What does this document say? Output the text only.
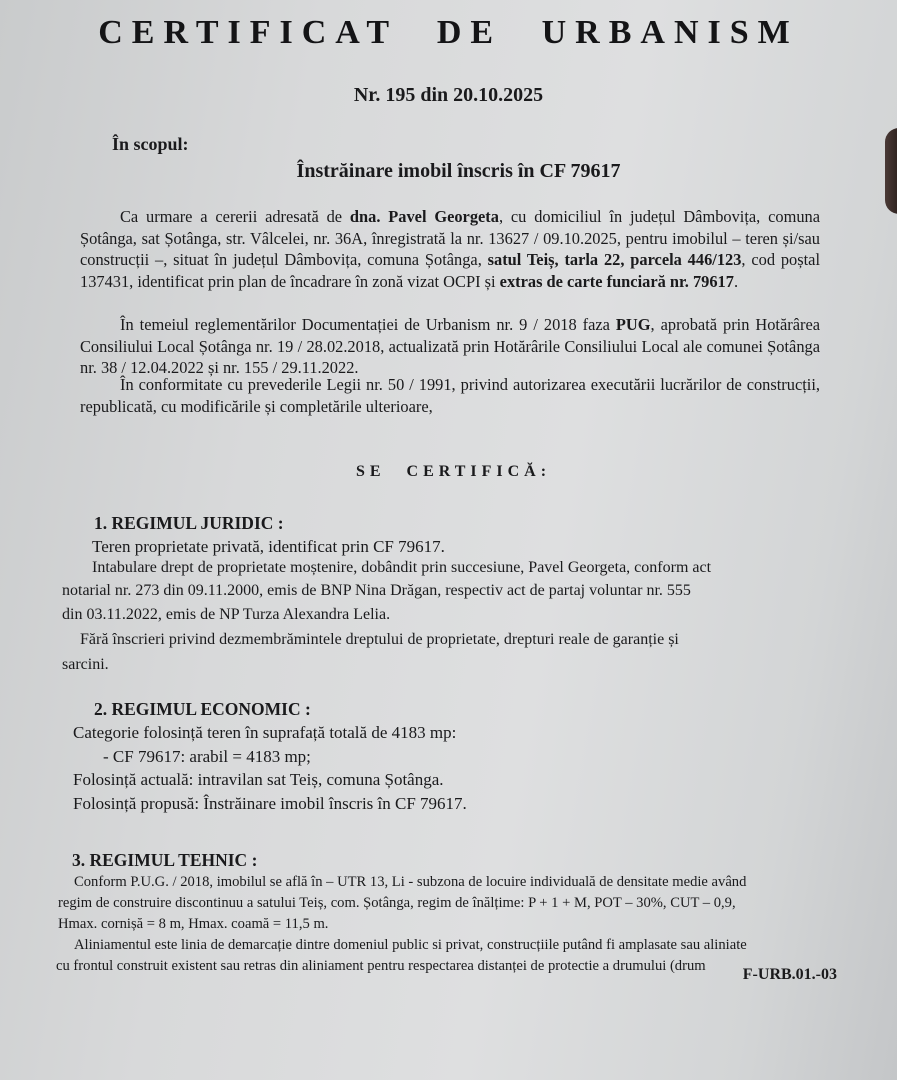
CERTIFICAT DE URBANISM
Nr. 195 din 20.10.2025
În scopul:
Înstrăinare imobil înscris în CF 79617
Ca urmare a cererii adresată de dna. Pavel Georgeta, cu domiciliul în județul Dâmbovița, comuna Șotânga, sat Șotânga, str. Vâlcelei, nr. 36A, înregistrată la nr. 13627 / 09.10.2025, pentru imobilul – teren și/sau construcții –, situat în județul Dâmbovița, comuna Șotânga, satul Teiș, tarla 22, parcela 446/123, cod poștal 137431, identificat prin plan de încadrare în zonă vizat OCPI și extras de carte funciară nr. 79617.
În temeiul reglementărilor Documentației de Urbanism nr. 9 / 2018 faza PUG, aprobată prin Hotărârea Consiliului Local Șotânga nr. 19 / 28.02.2018, actualizată prin Hotărârile Consiliului Local ale comunei Șotânga nr. 38 / 12.04.2022 și nr. 155 / 29.11.2022.
În conformitate cu prevederile Legii nr. 50 / 1991, privind autorizarea executării lucrărilor de construcții, republicată, cu modificările și completările ulterioare,
SE CERTIFICĂ:
1. REGIMUL JURIDIC :
Teren proprietate privată, identificat prin CF 79617.
Intabulare drept de proprietate moștenire, dobândit prin succesiune, Pavel Georgeta, conform act
notarial nr. 273 din 09.11.2000, emis de BNP Nina Drăgan, respectiv act de partaj voluntar nr. 555
din 03.11.2022, emis de NP Turza Alexandra Lelia.
Fără înscrieri privind dezmembrămintele dreptului de proprietate, drepturi reale de garanție și
sarcini.
2. REGIMUL ECONOMIC :
Categorie folosință teren în suprafață totală de 4183 mp:
- CF 79617: arabil = 4183 mp;
Folosință actuală: intravilan sat Teiș, comuna Șotânga.
Folosință propusă: Înstrăinare imobil înscris în CF 79617.
3. REGIMUL TEHNIC :
Conform P.U.G. / 2018, imobilul se află în – UTR 13, Li - subzona de locuire individuală de densitate medie având
regim de construire discontinuu a satului Teiș, com. Șotânga, regim de înălțime: P + 1 + M, POT – 30%, CUT – 0,9,
Hmax. cornișă = 8 m, Hmax. coamă = 11,5 m.
Aliniamentul este linia de demarcație dintre domeniul public si privat, construcțiile putând fi amplasate sau aliniate
cu frontul construit existent sau retras din aliniament pentru respectarea distanței de protectie a drumului (drum F-URB.01.-03
